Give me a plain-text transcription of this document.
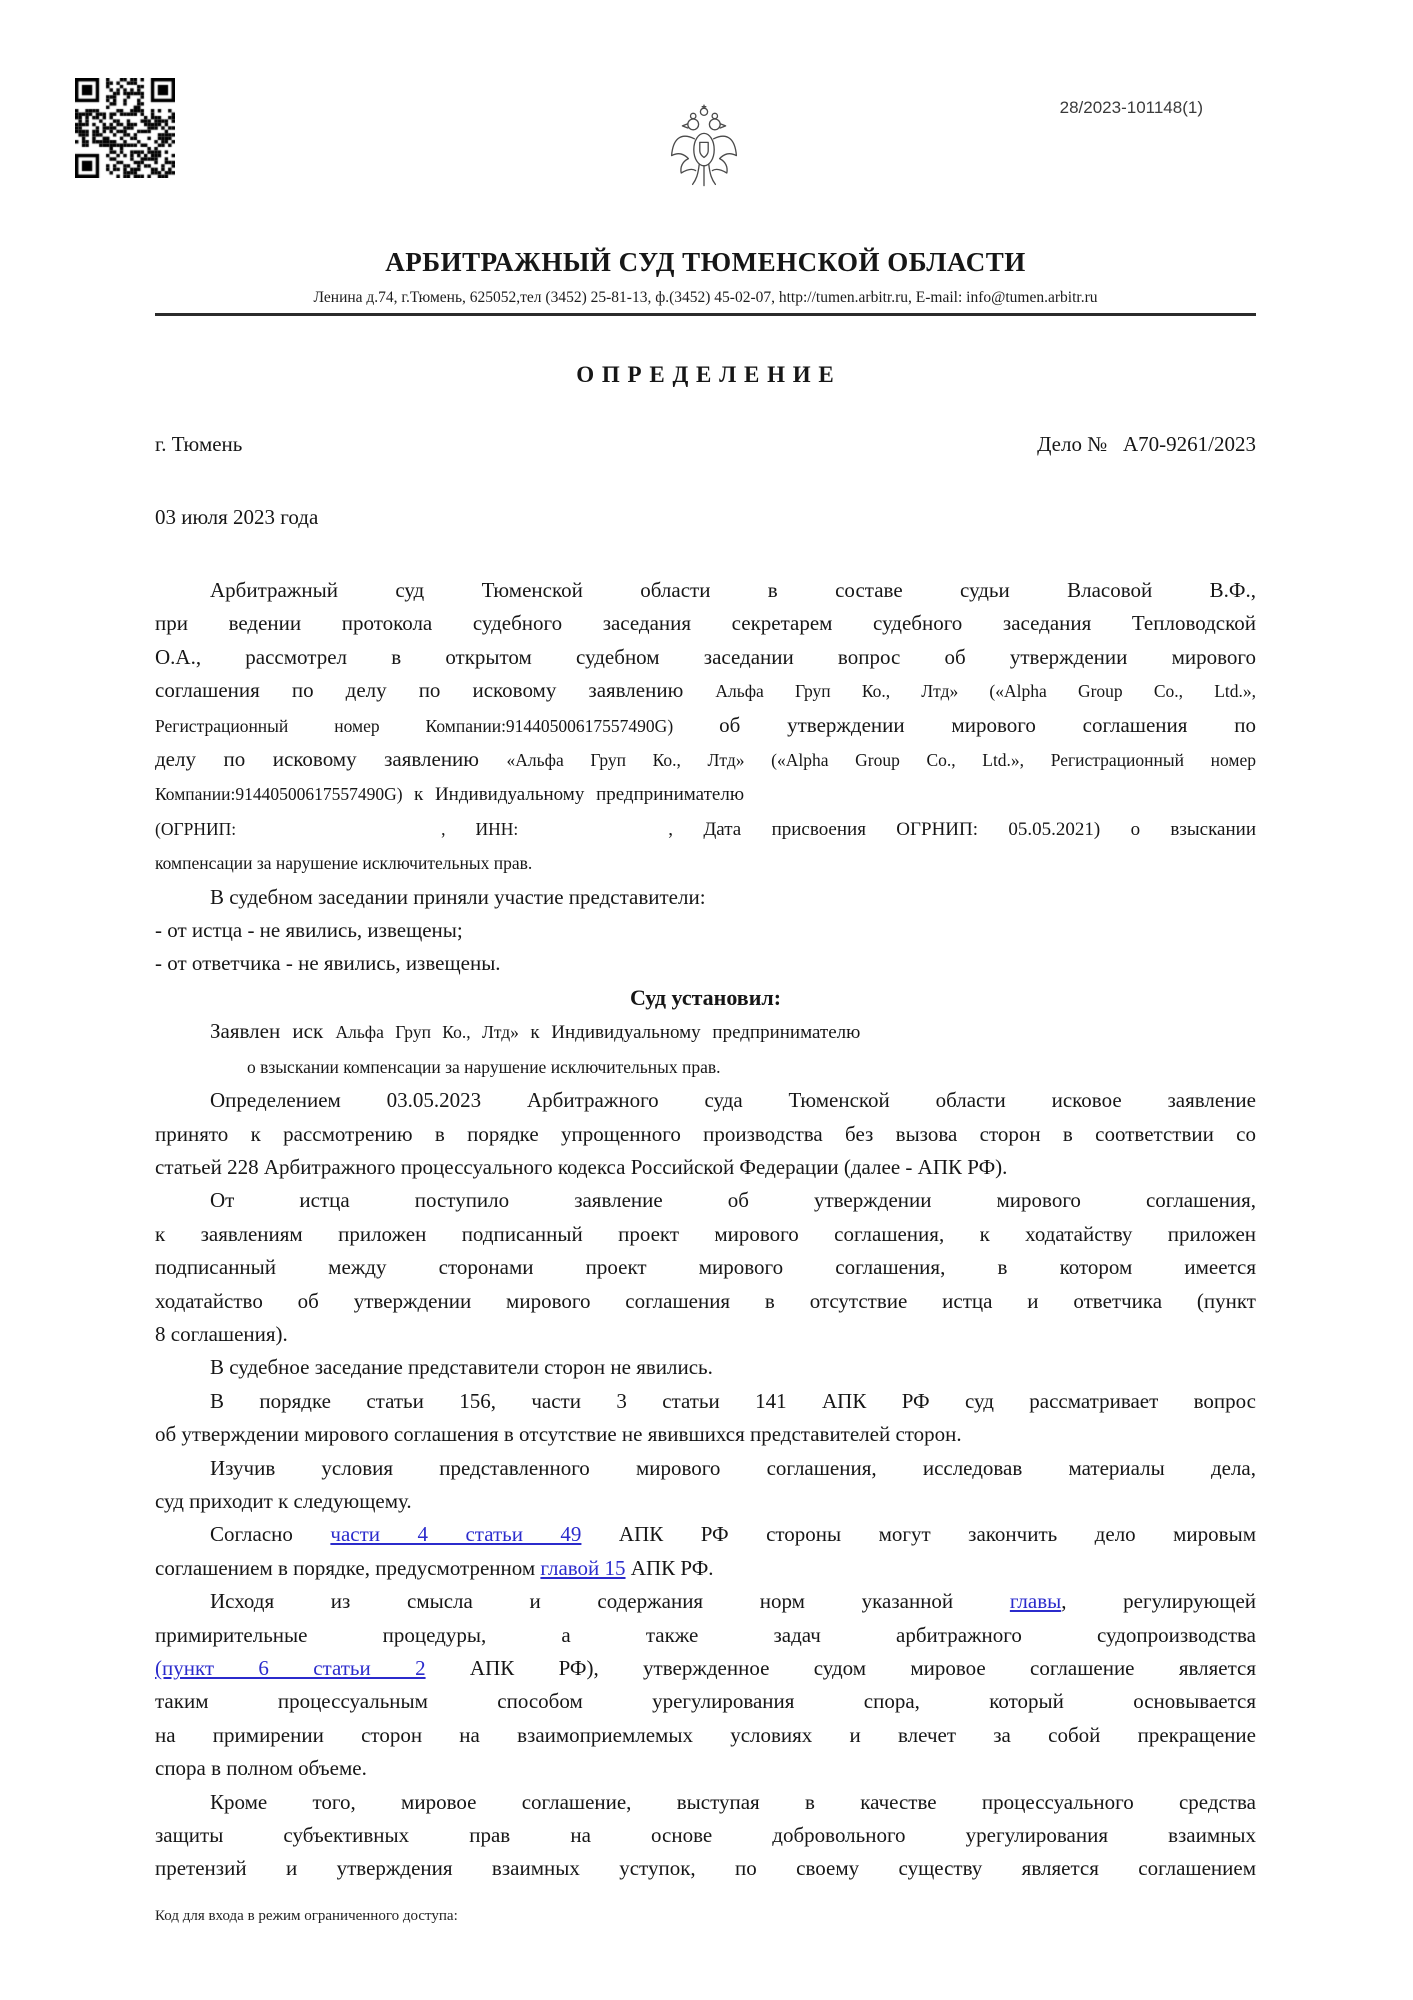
28/2023-101148(1)
АРБИТРАЖНЫЙ СУД ТЮМЕНСКОЙ ОБЛАСТИ
Ленина д.74, г.Тюмень, 625052,тел (3452) 25-81-13, ф.(3452) 45-02-07, http://tumen.arbitr.ru, E-mail: info@tumen.arbitr.ru
О П Р Е Д Е Л Е Н И Е
г. Тюмень	Дело №   А70-9261/2023
03 июля 2023 года
Арбитражный суд Тюменской области в составе судьи Власовой В.Ф.,
при ведении протокола судебного заседания секретарем судебного заседания Тепловодской
О.А., рассмотрел в открытом судебном заседании вопрос об утверждении мирового
соглашения по делу по исковому заявлению Альфа Груп Ко., Лтд» («Alpha Group Co., Ltd.»,
Регистрационный номер Компании:91440500617557490G) об утверждении мирового соглашения по
делу по исковому заявлению «Альфа Груп Ко., Лтд» («Alpha Group Co., Ltd.», Регистрационный номер
Компании:91440500617557490G) к Индивидуальному предпринимателю
(ОГРНИП:	, ИНН:	, Дата присвоения ОГРНИП: 05.05.2021) о взыскании
компенсации за нарушение исключительных прав.
В судебном заседании приняли участие представители:
- от истца - не явились, извещены;
- от ответчика - не явились, извещены.
Суд установил:
Заявлен иск Альфа Груп Ко., Лтд» к Индивидуальному предпринимателю
о взыскании компенсации за нарушение исключительных прав.
Определением 03.05.2023 Арбитражного суда Тюменской области исковое заявление
принято к рассмотрению в порядке упрощенного производства без вызова сторон в соответствии со
статьей 228 Арбитражного процессуального кодекса Российской Федерации (далее - АПК РФ).
От истца поступило заявление об утверждении мирового соглашения,
к заявлениям приложен подписанный проект мирового соглашения, к ходатайству приложен
подписанный между сторонами проект мирового соглашения, в котором имеется
ходатайство об утверждении мирового соглашения в отсутствие истца и ответчика (пункт
8 соглашения).
В судебное заседание представители сторон не явились.
В порядке статьи 156, части 3 статьи 141 АПК РФ суд рассматривает вопрос
об утверждении мирового соглашения в отсутствие не явившихся представителей сторон.
Изучив условия представленного мирового соглашения, исследовав материалы дела,
суд приходит к следующему.
Согласно части 4 статьи 49 АПК РФ стороны могут закончить дело мировым
соглашением в порядке, предусмотренном главой 15 АПК РФ.
Исходя из смысла и содержания норм указанной главы, регулирующей
примирительные процедуры, а также задач арбитражного судопроизводства
(пункт 6 статьи 2 АПК РФ), утвержденное судом мировое соглашение является
таким процессуальным способом урегулирования спора, который основывается
на примирении сторон на взаимоприемлемых условиях и влечет за собой прекращение
спора в полном объеме.
Кроме того, мировое соглашение, выступая в качестве процессуального средства
защиты субъективных прав на основе добровольного урегулирования взаимных
претензий и утверждения взаимных уступок, по своему существу является соглашением
Код для входа в режим ограниченного доступа:
